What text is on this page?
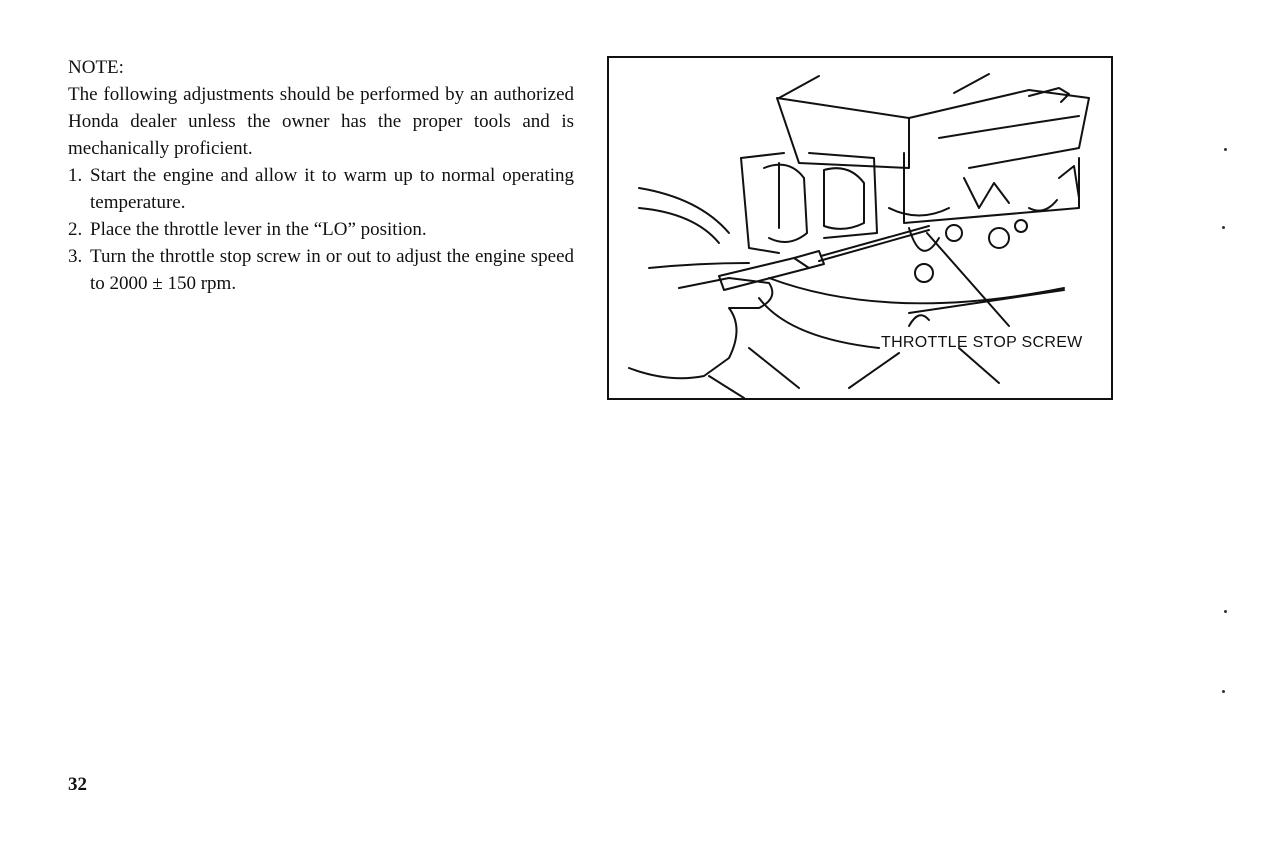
NOTE:

The following adjustments should be performed by an authorized Honda dealer unless the owner has the proper tools and is mechanically proficient.

1. Start the engine and allow it to warm up to normal operating temperature.
2. Place the throttle lever in the “LO” position.
3. Turn the throttle stop screw in or out to adjust the engine speed to 2000 ± 150 rpm.
THROTTLE STOP SCREW
32
